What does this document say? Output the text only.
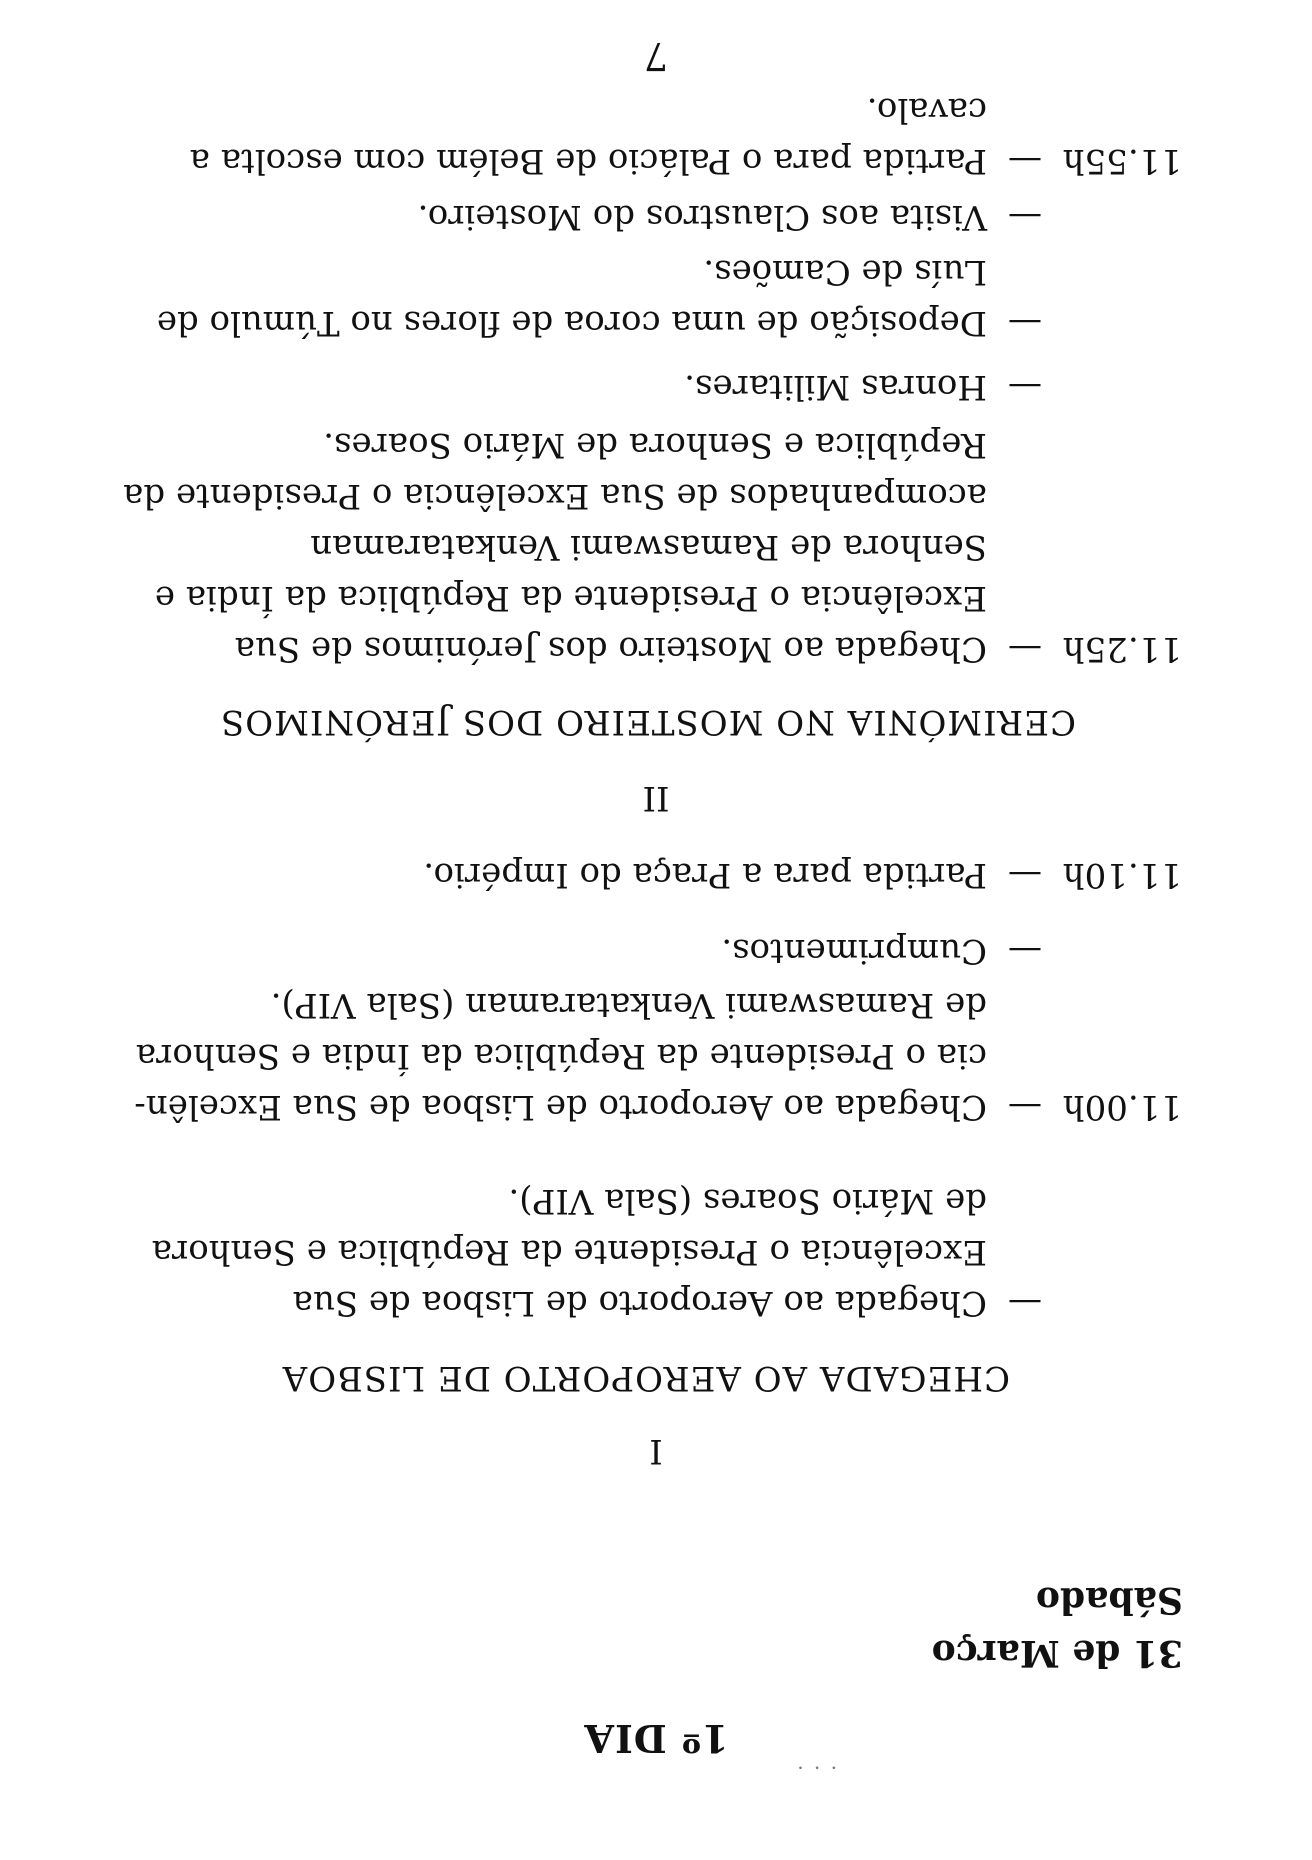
· · ·
1º DIA
31 de Março
Sábado
I
CHEGADA AO AEROPORTO DE LISBOA
—
Chegada ao Aeroporto de Lisboa de Sua
Excelência o Presidente da República e Senhora
de Mário Soares (Sala VIP).
11.00h
—
Chegada ao Aeroporto de Lisboa de Sua Excelên-
cia o Presidente da República da Índia e Senhora
de Ramaswami Venkataraman (Sala VIP).
—
Cumprimentos.
11.10h
—
Partida para a Praça do Império.
II
CERIMÓNIA NO MOSTEIRO DOS JERÓNIMOS
11.25h
—
Chegada ao Mosteiro dos Jerónimos de Sua
Excelência o Presidente da República da Índia e
Senhora de Ramaswami Venkataraman
acompanhados de Sua Excelência o Presidente da
República e Senhora de Mário Soares.
—
Honras Militares.
—
Deposição de uma coroa de flores no Túmulo de
Luís de Camões.
—
Visita aos Claustros do Mosteiro.
11.55h
—
Partida para o Palácio de Belém com escolta a
cavalo.
7
